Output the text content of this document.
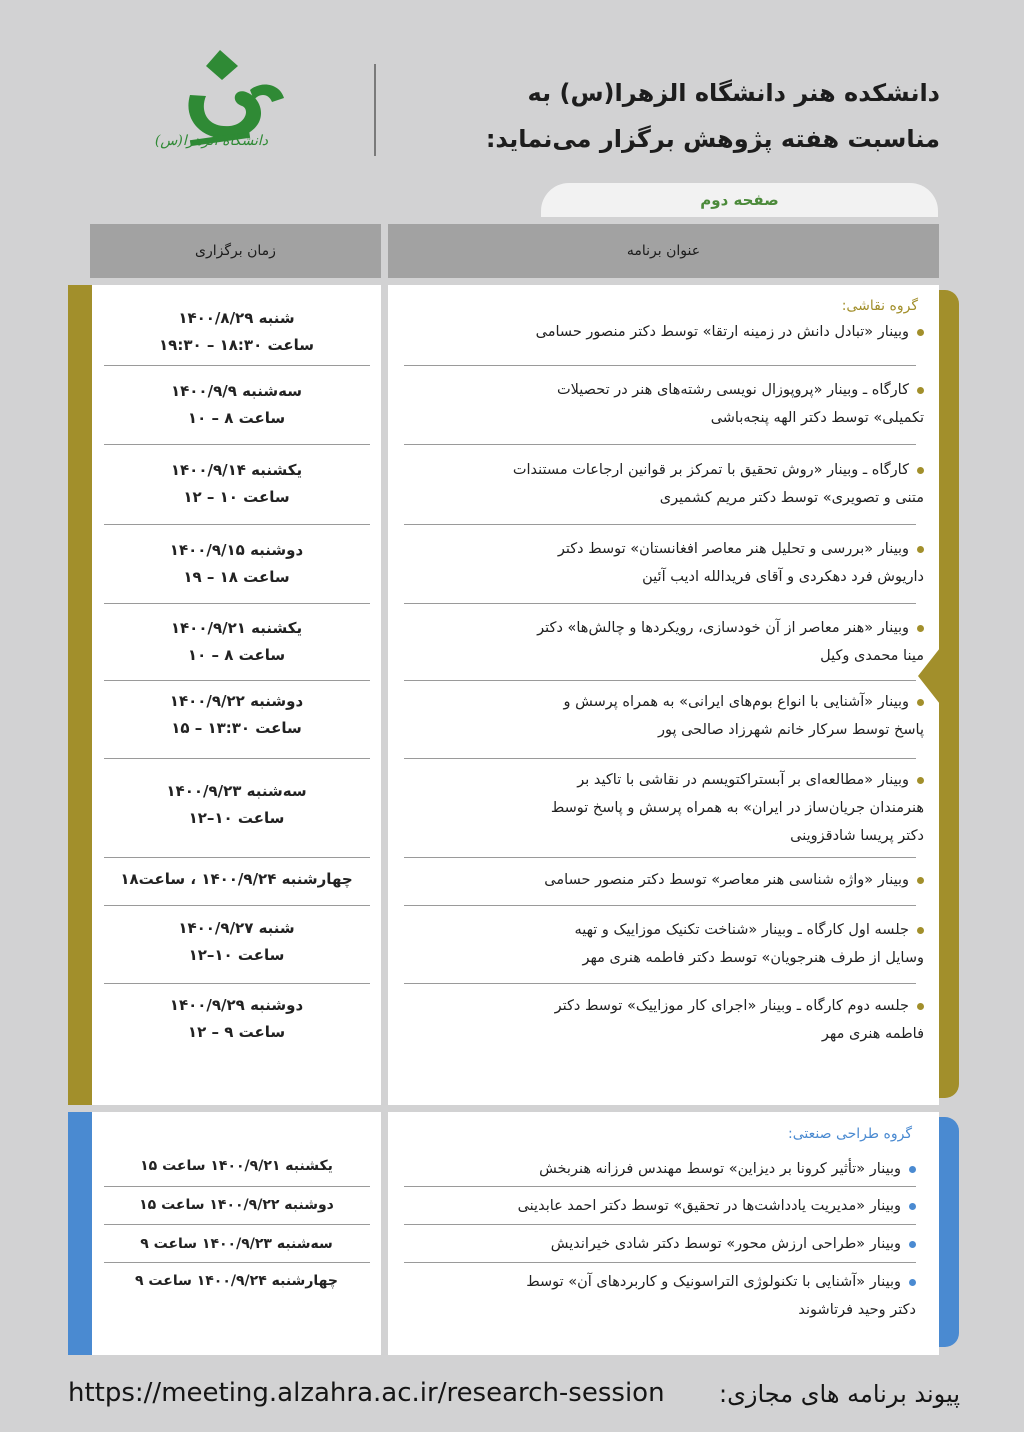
دانشگاه الزهرا(س)
دانشکده هنر دانشگاه الزهرا(س) به
مناسبت هفته پژوهش برگزار می‌نماید:
صفحه دوم
زمان برگزاری	عنوان برنامه
گروه نقاشی:
وبینار «تبادل دانش در زمینه ارتقا» توسط دکتر منصور حسامی
شنبه ۱۴۰۰/۸/۲۹
ساعت ۱۸:۳۰ – ۱۹:۳۰
کارگاه ـ وبینار «پروپوزال نویسی رشته‌های هنر در تحصیلات
تکمیلی» توسط دکتر الهه پنجه‌باشی
سه‌شنبه ۱۴۰۰/۹/۹
ساعت ۸ – ۱۰
کارگاه ـ وبینار «روش تحقیق با تمرکز بر قوانین ارجاعات مستندات
متنی و تصویری» توسط دکتر مریم کشمیری
یکشنبه ۱۴۰۰/۹/۱۴
ساعت ۱۰ – ۱۲
وبینار «بررسی و تحلیل هنر معاصر افغانستان» توسط دکتر
داریوش فرد دهکردی و آقای فریدالله ادیب آئین
دوشنبه ۱۴۰۰/۹/۱۵
ساعت ۱۸ – ۱۹
وبینار «هنر معاصر از آن خودسازی، رویکردها و چالش‌ها» دکتر
مینا محمدی وکیل
یکشنبه ۱۴۰۰/۹/۲۱
ساعت ۸ – ۱۰
وبینار «آشنایی با انواع بوم‌های ایرانی» به همراه پرسش و
پاسخ توسط سرکار خانم شهرزاد صالحی پور
دوشنبه ۱۴۰۰/۹/۲۲
ساعت ۱۳:۳۰ – ۱۵
وبینار «مطالعه‌ای بر آبستراکتویسم در نقاشی با تاکید بر
هنرمندان جریان‌ساز در ایران» به همراه پرسش و پاسخ توسط
دکتر پریسا شادقزوینی
سه‌شنبه ۱۴۰۰/۹/۲۳
ساعت ۱۰–۱۲
وبینار «واژه شناسی هنر معاصر» توسط دکتر منصور حسامی
چهارشنبه ۱۴۰۰/۹/۲۴ ، ساعت۱۸
جلسه اول کارگاه ـ وبینار «شناخت تکنیک موزاییک و تهیه
وسایل از طرف هنرجویان» توسط دکتر فاطمه هنری مهر
شنبه ۱۴۰۰/۹/۲۷
ساعت ۱۰–۱۲
جلسه دوم کارگاه ـ وبینار «اجرای کار موزاییک» توسط دکتر
فاطمه هنری مهر
دوشنبه ۱۴۰۰/۹/۲۹
ساعت ۹ – ۱۲
گروه طراحی صنعتی:
وبینار «تأثیر کرونا بر دیزاین» توسط مهندس فرزانه هنربخش
یکشنبه ۱۴۰۰/۹/۲۱ ساعت ۱۵
وبینار «مدیریت یادداشت‌ها در تحقیق» توسط دکتر احمد عابدینی
دوشنبه ۱۴۰۰/۹/۲۲ ساعت ۱۵
وبینار «طراحی ارزش محور» توسط دکتر شادی خیراندیش
سه‌شنبه ۱۴۰۰/۹/۲۳ ساعت ۹
وبینار «آشنایی با تکنولوژی التراسونیک و کاربردهای آن» توسط
دکتر وحید فرتاشوند
چهارشنبه ۱۴۰۰/۹/۲۴ ساعت ۹
پیوند برنامه های مجازی:
https://meeting.alzahra.ac.ir/research-session
